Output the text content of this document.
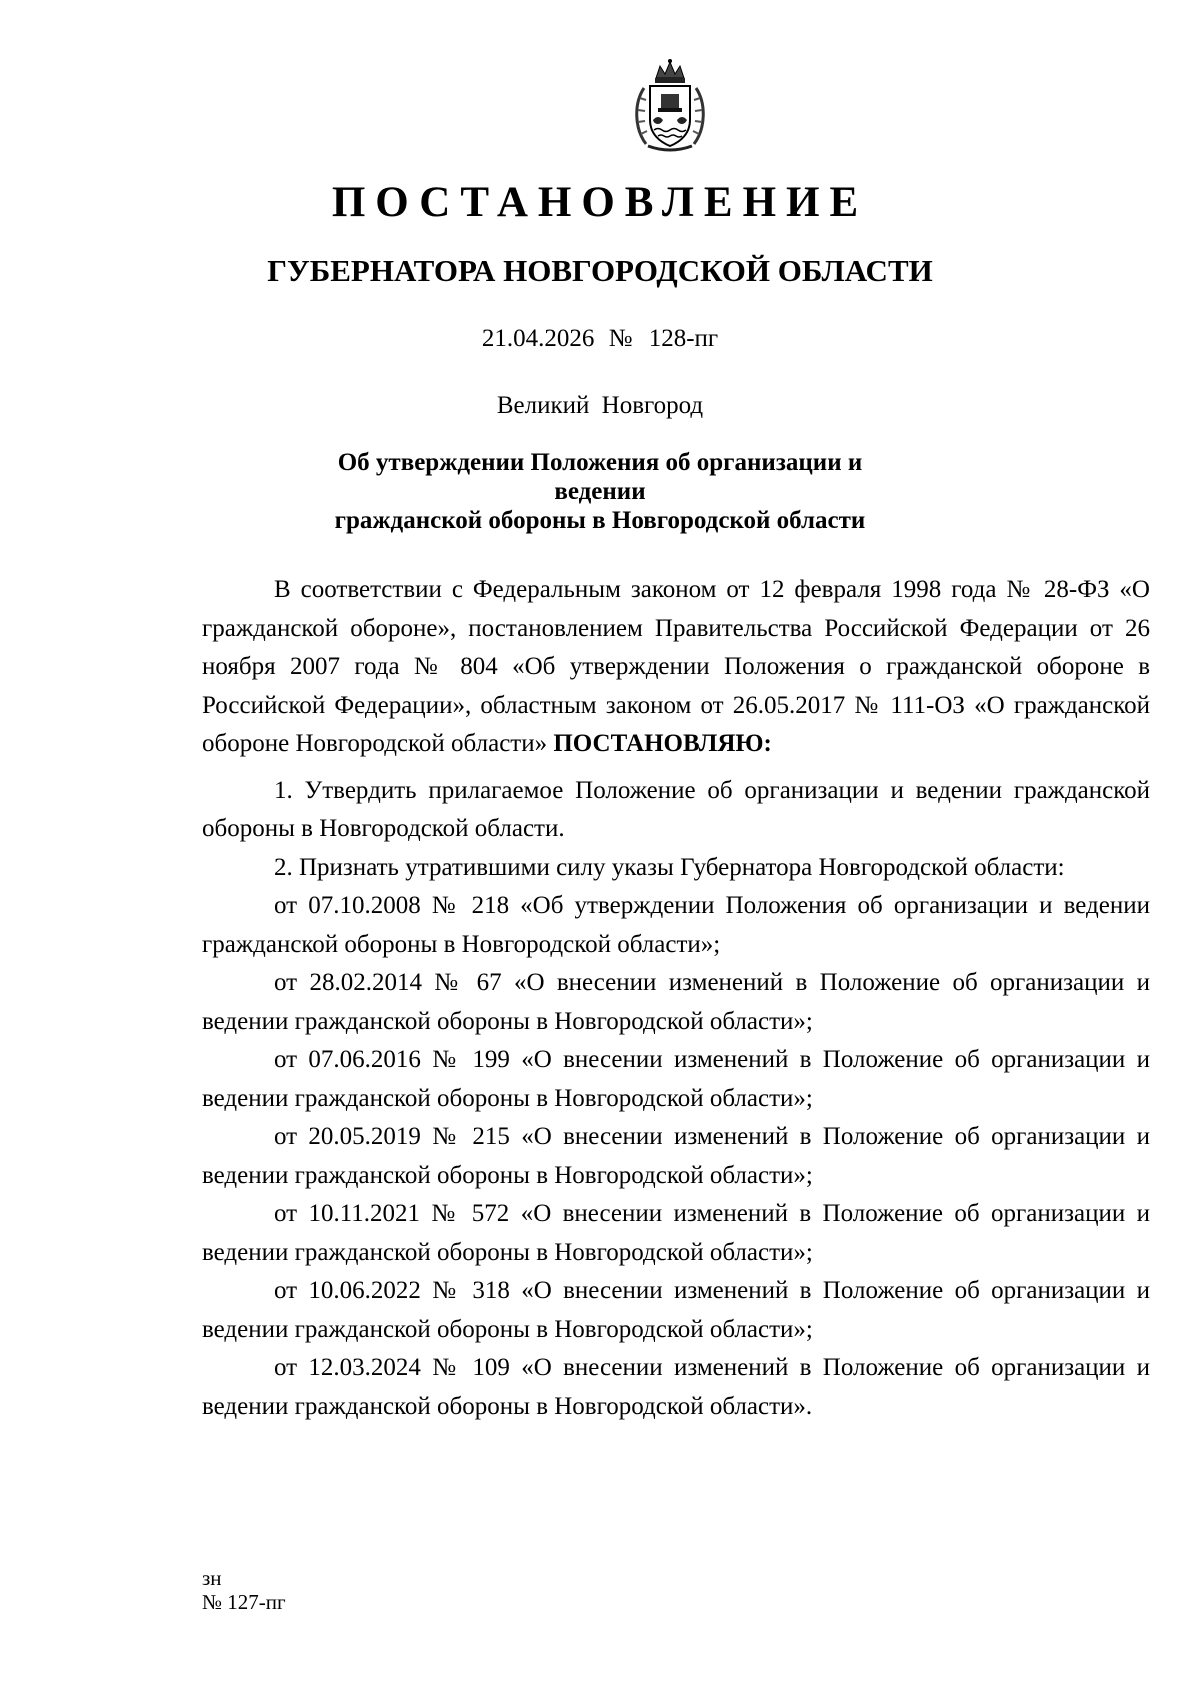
ПОСТАНОВЛЕНИЕ
ГУБЕРНАТОРА НОВГОРОДСКОЙ ОБЛАСТИ
21.04.2026 № 128-пг
Великий Новгород
Об утверждении Положения об организации и ведении
гражданской обороны в Новгородской области

В соответствии с Федеральным законом от 12 февраля 1998 года № 28-ФЗ «О гражданской обороне», постановлением Правительства Российской Федерации от 26 ноября 2007 года № 804 «Об утверждении Положения о гражданской обороне в Российской Федерации», областным законом от 26.05.2017 № 111-ОЗ «О гражданской обороне Новгородской области» ПОСТАНОВЛЯЮ:

1. Утвердить прилагаемое Положение об организации и ведении гражданской обороны в Новгородской области.

2. Признать утратившими силу указы Губернатора Новгородской области:

от 07.10.2008 № 218 «Об утверждении Положения об организации и ведении гражданской обороны в Новгородской области»;

от 28.02.2014 № 67 «О внесении изменений в Положение об организации и ведении гражданской обороны в Новгородской области»;

от 07.06.2016 № 199 «О внесении изменений в Положение об организации и ведении гражданской обороны в Новгородской области»;

от 20.05.2019 № 215 «О внесении изменений в Положение об организации и ведении гражданской обороны в Новгородской области»;

от 10.11.2021 № 572 «О внесении изменений в Положение об организации и ведении гражданской обороны в Новгородской области»;

от 10.06.2022 № 318 «О внесении изменений в Положение об организации и ведении гражданской обороны в Новгородской области»;

от 12.03.2024 № 109 «О внесении изменений в Положение об организации и ведении гражданской обороны в Новгородской области».

зн
№ 127-пг
